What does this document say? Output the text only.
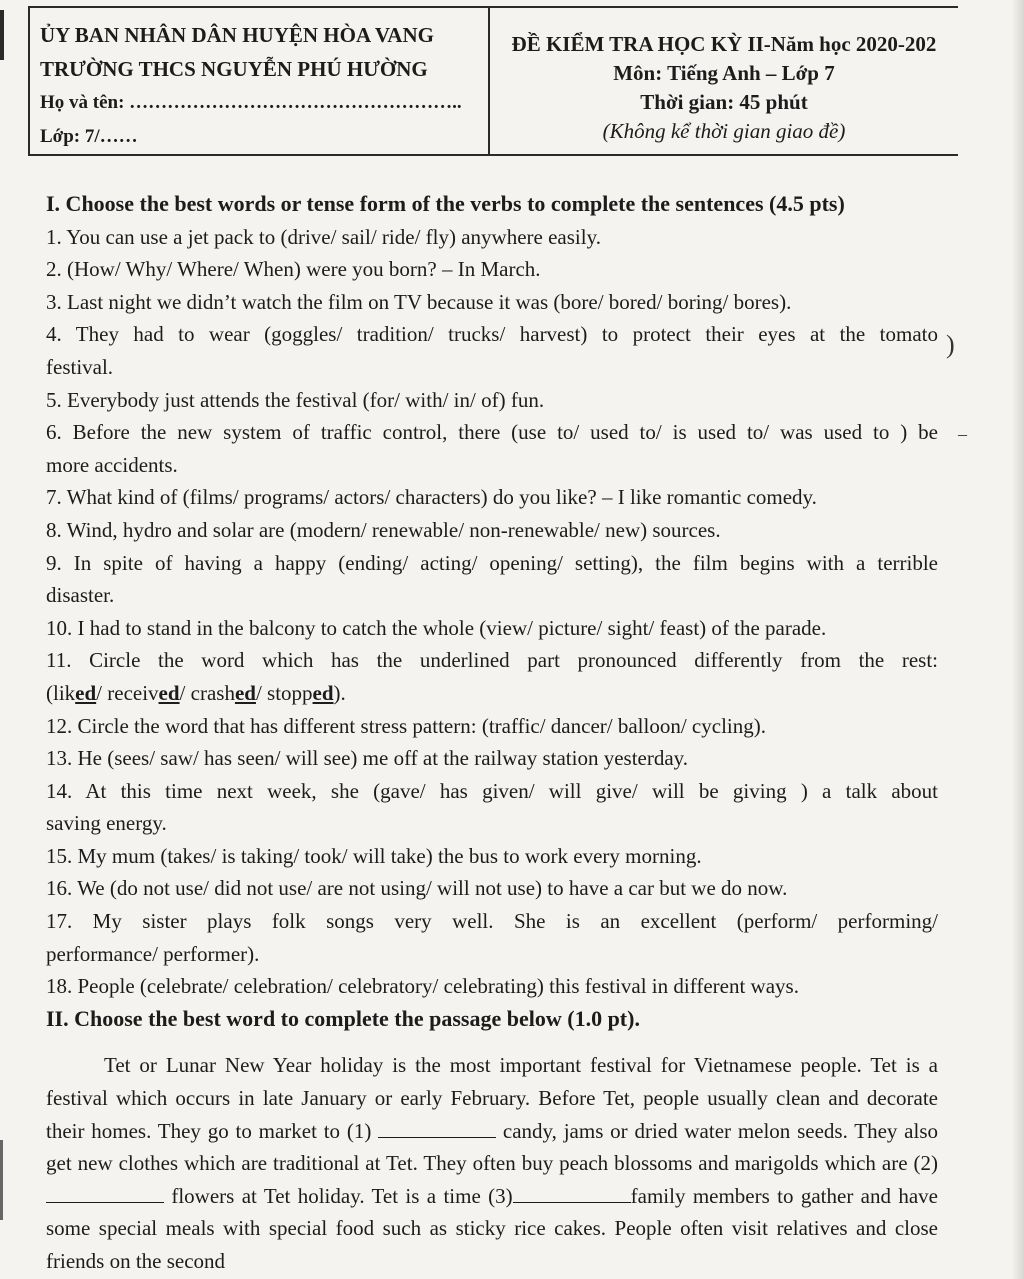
ỦY BAN NHÂN DÂN HUYỆN HÒA VANG
TRƯỜNG THCS NGUYỄN PHÚ HƯỜNG
Họ và tên: ……………………………………………..
Lớp: 7/……
ĐỀ KIỂM TRA HỌC KỲ II-Năm học 2020-202
Môn: Tiếng Anh – Lớp 7
Thời gian: 45 phút
(Không kể thời gian giao đề)
I. Choose the best words or tense form of the verbs to complete the sentences (4.5 pts)

1. You can use a jet pack to (drive/ sail/ ride/ fly) anywhere easily.

2. (How/ Why/ Where/ When) were you born? – In March.

3. Last night we didn’t watch the film on TV because it was (bore/ bored/ boring/ bores).

4. They had to wear (goggles/ tradition/ trucks/ harvest) to protect their eyes at the tomato

festival.

5. Everybody just attends the festival (for/ with/ in/ of) fun.

6. Before the new system of traffic control, there (use to/ used to/ is used to/ was used to ) be

more accidents.

7. What kind of (films/ programs/ actors/ characters) do you like? – I like romantic comedy.

8. Wind, hydro and solar are (modern/ renewable/ non-renewable/ new) sources.

9. In spite of having a happy (ending/ acting/ opening/ setting), the film begins with a terrible

disaster.

10. I had to stand in the balcony to catch the whole (view/ picture/ sight/ feast) of the parade.

11. Circle the word which has the underlined part pronounced differently from the rest:

(liked/ received/ crashed/ stopped).

12. Circle the word that has different stress pattern: (traffic/ dancer/ balloon/ cycling).

13. He (sees/ saw/ has seen/ will see) me off at the railway station yesterday.

14. At this time next week, she (gave/ has given/ will give/ will be giving ) a talk about

saving energy.

15. My mum (takes/ is taking/ took/ will take) the bus to work every morning.

16. We (do not use/ did not use/ are not using/ will not use) to have a car but we do now.

17. My sister plays folk songs very well. She is an excellent (perform/ performing/

performance/ performer).

18. People (celebrate/ celebration/ celebratory/ celebrating) this festival in different ways.

II. Choose the best word to complete the passage below (1.0 pt).

Tet or Lunar New Year holiday is the most important festival for Vietnamese people. Tet is a festival which occurs in late January or early February. Before Tet, people usually clean and decorate their homes. They go to market to (1)	candy, jams or dried water melon seeds. They also get new clothes which are traditional at Tet. They often buy peach blossoms and marigolds which are (2)  flowers at Tet holiday. Tet is a time (3)	family members to gather and have some special meals with special food such as sticky rice cakes. People often visit relatives and close friends on the second

)
–
